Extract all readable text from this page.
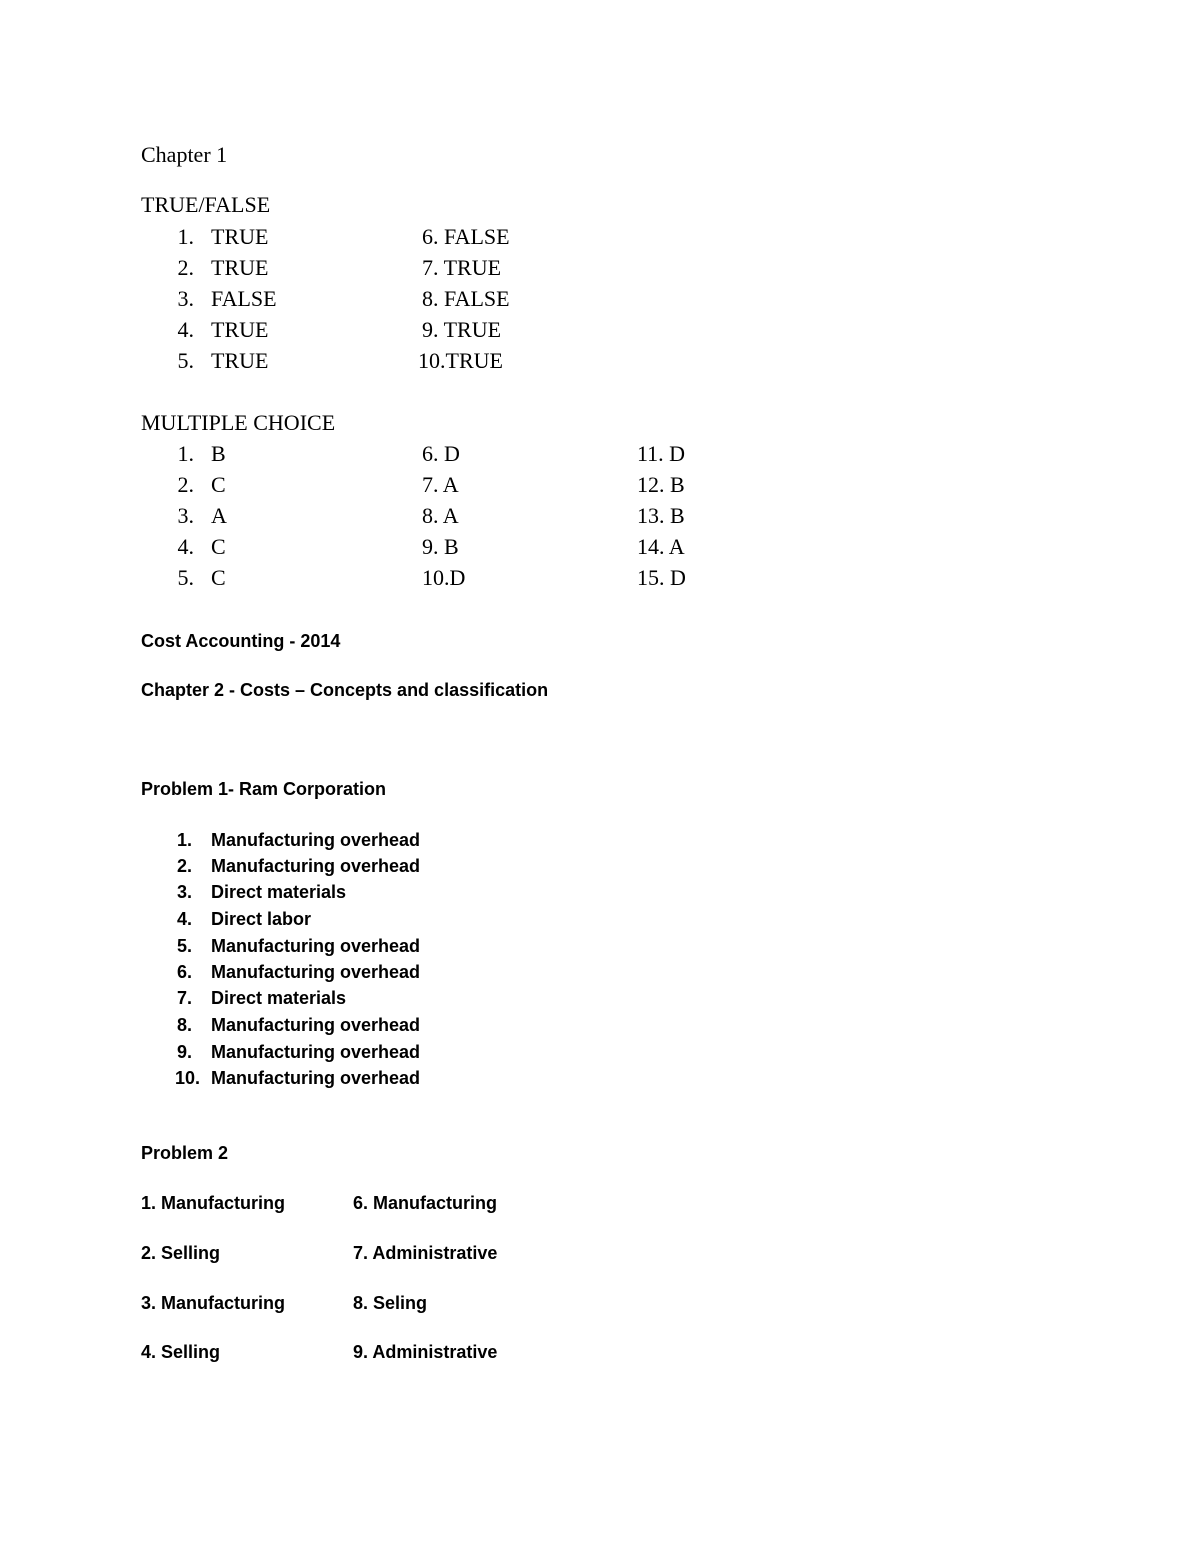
Chapter 1
TRUE/FALSE
1. TRUE	6. FALSE
2. TRUE	7. TRUE
3. FALSE	8. FALSE
4. TRUE	9. TRUE
5. TRUE	10.TRUE
MULTIPLE CHOICE
1. B	6. D	11. D
2. C	7. A	12. B
3. A	8. A	13. B
4. C	9. B	14. A
5. C	10.D	15. D
Cost Accounting - 2014
Chapter 2 - Costs – Concepts and classification
Problem 1- Ram Corporation
1. Manufacturing overhead
2. Manufacturing overhead
3. Direct materials
4. Direct labor
5. Manufacturing overhead
6. Manufacturing overhead
7. Direct materials
8. Manufacturing overhead
9. Manufacturing overhead
10. Manufacturing overhead
Problem 2
1. Manufacturing	6. Manufacturing
2. Selling	7. Administrative
3. Manufacturing	8. Seling
4. Selling	9. Administrative
